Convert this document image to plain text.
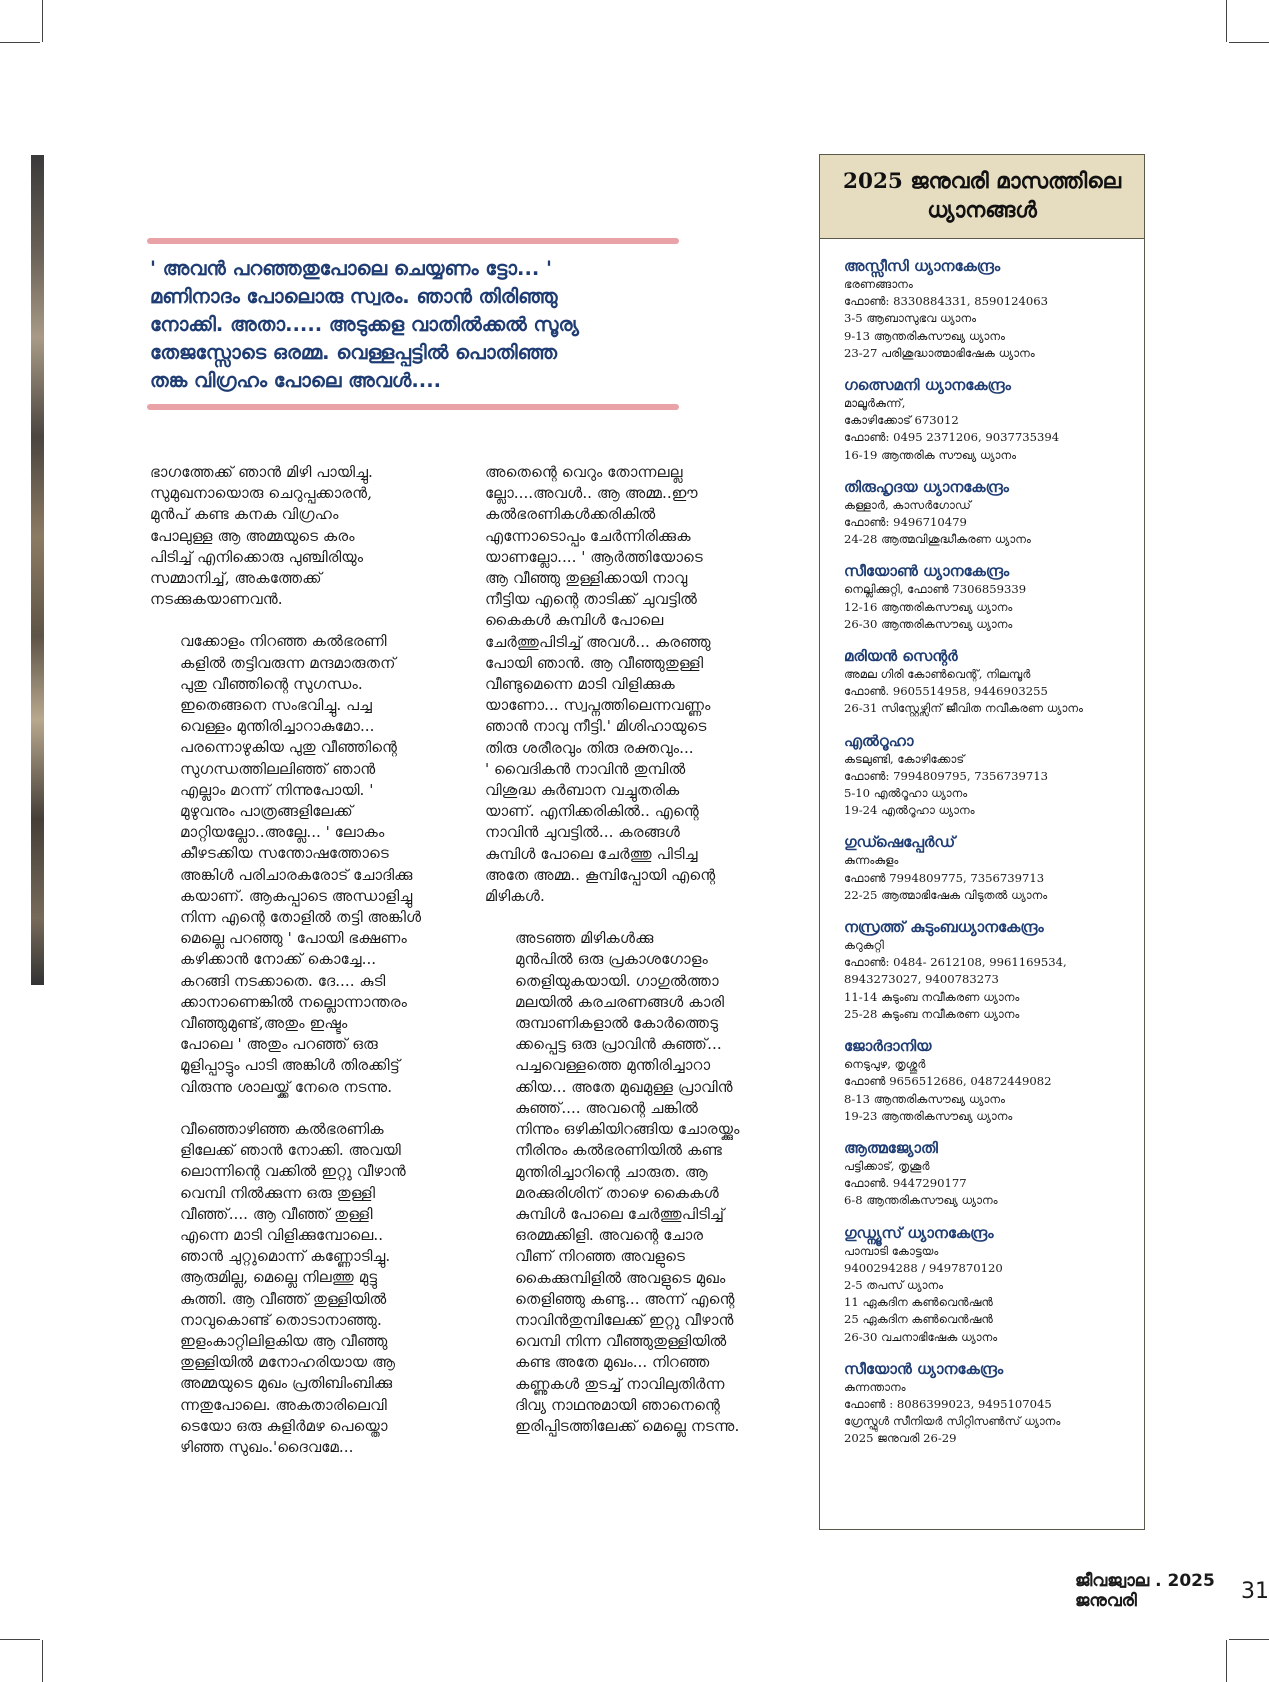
' അവൻ പറഞ്ഞതുപോലെ ചെയ്യണം ട്ടോ... '
മണിനാദം പോലൊരു സ്വരം. ഞാൻ തിരിഞ്ഞു
നോക്കി. അതാ..... അടുക്കള വാതിൽക്കൽ സൂര്യ
തേജസ്സോടെ ഒരമ്മ. വെള്ളപ്പട്ടിൽ പൊതിഞ്ഞ
തങ്ക വിഗ്രഹം പോലെ അവൾ....

ഭാഗത്തേക്ക് ഞാൻ മിഴി പായിച്ചു.
സുമുഖനായൊരു ചെറുപ്പക്കാരൻ,
മുൻപ് കണ്ട കനക വിഗ്രഹം
പോലുള്ള ആ അമ്മയുടെ കരം
പിടിച്ച് എനിക്കൊരു പുഞ്ചിരിയും
സമ്മാനിച്ച്, അകത്തേക്ക്
നടക്കുകയാണവൻ.

വക്കോളം നിറഞ്ഞ കൽഭരണി
കളിൽ തട്ടിവരുന്ന മന്ദമാരുതന്
പുതു വീഞ്ഞിന്റെ സുഗന്ധം.
ഇതെങ്ങനെ സംഭവിച്ചു. പച്ച
വെള്ളം മുന്തിരിച്ചാറാകുമോ...
പരന്നൊഴുകിയ പുതു വീഞ്ഞിന്റെ
സുഗന്ധത്തിലലിഞ്ഞ് ഞാൻ
എല്ലാം മറന്ന് നിന്നുപോയി. '
മുഴുവനും പാത്രങ്ങളിലേക്ക്
മാറ്റിയല്ലോ..അല്ലേ... ' ലോകം
കീഴടക്കിയ സന്തോഷത്തോടെ
അങ്കിൾ പരിചാരകരോട് ചോദിക്കു
കയാണ്. ആകപ്പാടെ അന്ധാളിച്ചു
നിന്ന എന്റെ തോളിൽ തട്ടി അങ്കിൾ
മെല്ലെ പറഞ്ഞു ' പോയി ഭക്ഷണം
കഴിക്കാൻ നോക്ക് കൊച്ചേ...
കറങ്ങി നടക്കാതെ. ദേ.... കുടി
ക്കാനാണെങ്കിൽ നല്ലൊന്നാന്തരം
വീഞ്ഞുമുണ്ട്,അതും ഇഷ്ടം
പോലെ ' അതും പറഞ്ഞ് ഒരു
മൂളിപ്പാട്ടും പാടി അങ്കിൾ തിരക്കിട്ട്
വിരുന്നു ശാലയ്ക്ക് നേരെ നടന്നു.

വീഞ്ഞൊഴിഞ്ഞ കൽഭരണിക
ളിലേക്ക് ഞാൻ നോക്കി. അവയി
ലൊന്നിന്റെ വക്കിൽ ഇറ്റു വീഴാൻ
വെമ്പി നിൽക്കുന്ന ഒരു തുള്ളി
വീഞ്ഞ്.... ആ വീഞ്ഞ് തുള്ളി
എന്നെ മാടി വിളിക്കുമ്പോലെ..
ഞാൻ ചുറ്റുമൊന്ന് കണ്ണോടിച്ചു.
ആരുമില്ല, മെല്ലെ നിലത്തു മുട്ടു
കുത്തി. ആ വീഞ്ഞ് തുള്ളിയിൽ
നാവുകൊണ്ട് തൊടാനാഞ്ഞു.
ഇളംകാറ്റിലിളകിയ ആ വീഞ്ഞു
തുള്ളിയിൽ മനോഹരിയായ ആ
അമ്മയുടെ മുഖം പ്രതിബിംബിക്കു
ന്നതുപോലെ. അകതാരിലെവി
ടെയോ ഒരു കുളിർമഴ പെയ്തൊ
ഴിഞ്ഞ സുഖം.'ദൈവമേ...

അതെന്റെ വെറും തോന്നലല്ല
ല്ലോ....അവൾ.. ആ അമ്മ..ഈ
കൽഭരണികൾക്കരികിൽ
എന്നോടൊപ്പം ചേർന്നിരിക്കുക
യാണല്ലോ.... ' ആർത്തിയോടെ
ആ വീഞ്ഞു തുള്ളിക്കായി നാവു
നീട്ടിയ എന്റെ താടിക്ക് ചുവട്ടിൽ
കൈകൾ കുമ്പിൾ പോലെ
ചേർത്തുപിടിച്ച് അവൾ... കരഞ്ഞു
പോയി ഞാൻ. ആ വീഞ്ഞുതുള്ളി
വീണ്ടുമെന്നെ മാടി വിളിക്കുക
യാണോ... സ്വപ്നത്തിലെന്നവണ്ണം
ഞാൻ നാവു നീട്ടി.' മിശിഹായുടെ
തിരു ശരീരവും തിരു രക്തവും...
' വൈദികൻ നാവിൻ തുമ്പിൽ
വിശുദ്ധ കുർബാന വച്ചുതരിക
യാണ്. എനിക്കരികിൽ.. എന്റെ
നാവിൻ ചുവട്ടിൽ... കരങ്ങൾ
കുമ്പിൾ പോലെ ചേർത്തു പിടിച്ച
അതേ അമ്മ.. കൂമ്പിപ്പോയി എന്റെ
മിഴികൾ.

അടഞ്ഞ മിഴികൾക്കു
മുൻപിൽ ഒരു പ്രകാശഗോളം
തെളിയുകയായി. ഗാഗുൽത്താ
മലയിൽ കരചരണങ്ങൾ കാരി
രുമ്പാണികളാൽ കോർത്തെടു
ക്കപ്പെട്ട ഒരു പ്രാവിൻ കുഞ്ഞ്...
പച്ചവെള്ളത്തെ മുന്തിരിച്ചാറാ
ക്കിയ... അതേ മുഖമുള്ള പ്രാവിൻ
കുഞ്ഞ്.... അവന്റെ ചങ്കിൽ
നിന്നും ഒഴികിയിറങ്ങിയ ചോരയ്ക്കും
നീരിനും കൽഭരണിയിൽ കണ്ട
മുന്തിരിച്ചാറിന്റെ ചാരുത. ആ
മരക്കുരിശിന് താഴെ കൈകൾ
കുമ്പിൾ പോലെ ചേർത്തുപിടിച്ച്
ഒരമ്മക്കിളി. അവന്റെ ചോര
വീണ് നിറഞ്ഞ അവളുടെ
കൈക്കുമ്പിളിൽ അവളുടെ മുഖം
തെളിഞ്ഞു കണ്ടു... അന്ന് എന്റെ
നാവിൻതുമ്പിലേക്ക് ഇറ്റു വീഴാൻ
വെമ്പി നിന്ന വീഞ്ഞുതുള്ളിയിൽ
കണ്ട അതേ മുഖം... നിറഞ്ഞ
കണ്ണുകൾ തുടച്ച് നാവിലുതിർന്ന
ദിവ്യ നാഥനുമായി ഞാനെന്റെ
ഇരിപ്പിടത്തിലേക്ക് മെല്ലെ നടന്നു.

2025 ജനുവരി മാസത്തിലെ
ധ്യാനങ്ങൾ
അസ്സീസി ധ്യാനകേന്ദ്രം
ഭരണങ്ങാനം
ഫോൺ: 8330884331, 8590124063
3-5 ആബാസുഭവ ധ്യാനം
9-13 ആന്തരികസൗഖ്യ ധ്യാനം
23-27 പരിശുദ്ധാത്മാഭിഷേക ധ്യാനം
ഗത്സെമനി ധ്യാനകേന്ദ്രം
മാലൂർകുന്ന്,
കോഴിക്കോട് 673012
ഫോൺ: 0495 2371206, 9037735394
16-19 ആന്തരിക സൗഖ്യ ധ്യാനം
തിരുഹൃദയ ധ്യാനകേന്ദ്രം
കള്ളാർ, കാസർഗോഡ്
ഫോൺ: 9496710479
24-28 ആത്മവിശുദ്ധീകരണ ധ്യാനം
സീയോൺ ധ്യാനകേന്ദ്രം
നെല്ലിക്കുറ്റി, ഫോൺ 7306859339
12-16 ആന്തരികസൗഖ്യ ധ്യാനം
26-30 ആന്തരികസൗഖ്യ ധ്യാനം
മരിയൻ സെന്റർ
അമല ഗിരി കോൺവെന്റ്, നിലമ്പൂർ
ഫോൺ. 9605514958, 9446903255
26-31 സിസ്റ്റേഴ്സിന് ജീവിത നവീകരണ ധ്യാനം
എൽറൂഹാ
കടലുണ്ടി, കോഴിക്കോട്
ഫോൺ: 7994809795, 7356739713
5-10 എൽറൂഹാ ധ്യാനം
19-24 എൽറൂഹാ ധ്യാനം
ഗുഡ്ഷെപ്പേർഡ്
കുന്നംകുളം
ഫോൺ 7994809775, 7356739713
22-25 ആത്മാഭിഷേക വിടുതൽ ധ്യാനം
നസ്രത്ത് കുടുംബധ്യാനകേന്ദ്രം
കറുകുറ്റി
ഫോൺ: 0484- 2612108, 9961169534,
8943273027, 9400783273
11-14 കുടുംബ നവീകരണ ധ്യാനം
25-28 കുടുംബ നവീകരണ ധ്യാനം
ജോർദാനിയ
നെടുപുഴ, തൃശ്ശൂർ
ഫോൺ 9656512686, 04872449082
8-13 ആന്തരികസൗഖ്യ ധ്യാനം
19-23 ആന്തരികസൗഖ്യ ധ്യാനം
ആത്മജ്യോതി
പട്ടിക്കാട്, തൃശൂർ
ഫോൺ. 9447290177
6-8 ആന്തരികസൗഖ്യ ധ്യാനം
ഗുഡ്ന്യൂസ് ധ്യാനകേന്ദ്രം
പാമ്പാടി കോട്ടയം
9400294288 / 9497870120
2-5 തപസ് ധ്യാനം
11 ഏകദിന കൺവെൻഷൻ
25 ഏകദിന കൺവെൻഷൻ
26-30 വചനാഭിഷേക ധ്യാനം
സീയോൻ ധ്യാനകേന്ദ്രം
കുന്നന്താനം
ഫോൺ : 8086399023, 9495107045
ഗ്രേസ്ഫുൾ സീനിയർ സിറ്റിസൺസ് ധ്യാനം
2025 ജനുവരി 26-29
ജീവജ്വാല . 2025 ജനുവരി	31
